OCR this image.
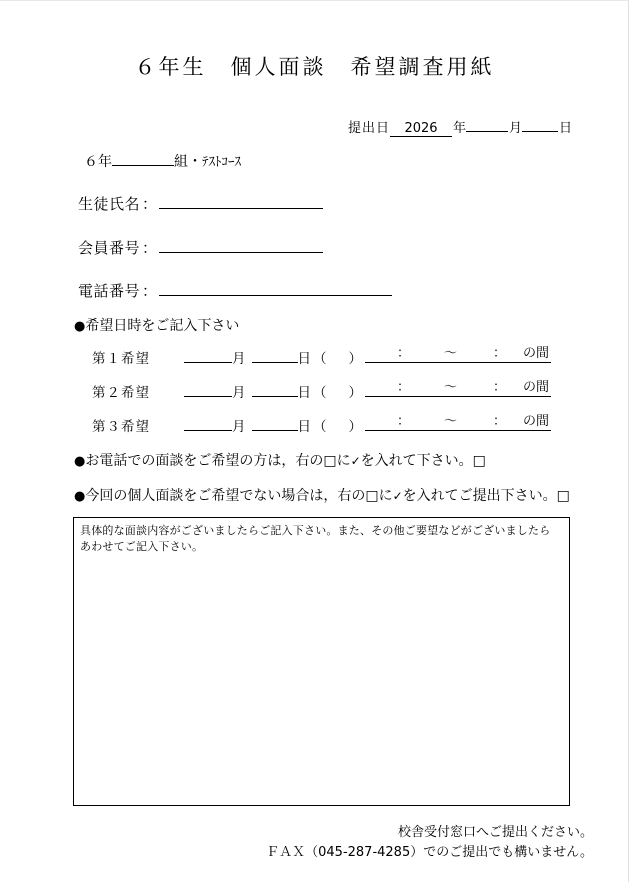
６年生　個人面談　希望調査用紙
提出日	2026	年	月	日
６年	組 ・ ﾃｽﾄｺｰｽ
生徒氏名 ：
会員番号 ：
電話番号 ：
●希望日時をご記入下さい
第１希望	月	日 （ ）	：	～	： の間
第２希望	月	日 （ ）	：	～	： の間
第３希望	月	日 （ ）	：	～	： の間
●お電話での面談をご希望の方は，右の□に✓を入れて下さい。□
●今回の個人面談をご希望でない場合は，右の□に✓を入れてご提出下さい。□
具体的な面談内容がございましたらご記入下さい。また、その他ご要望などがございましたら
あわせてご記入下さい。
校舎受付窓口へご提出ください。
ＦＡＸ（045-287-4285）でのご提出でも構いません。
